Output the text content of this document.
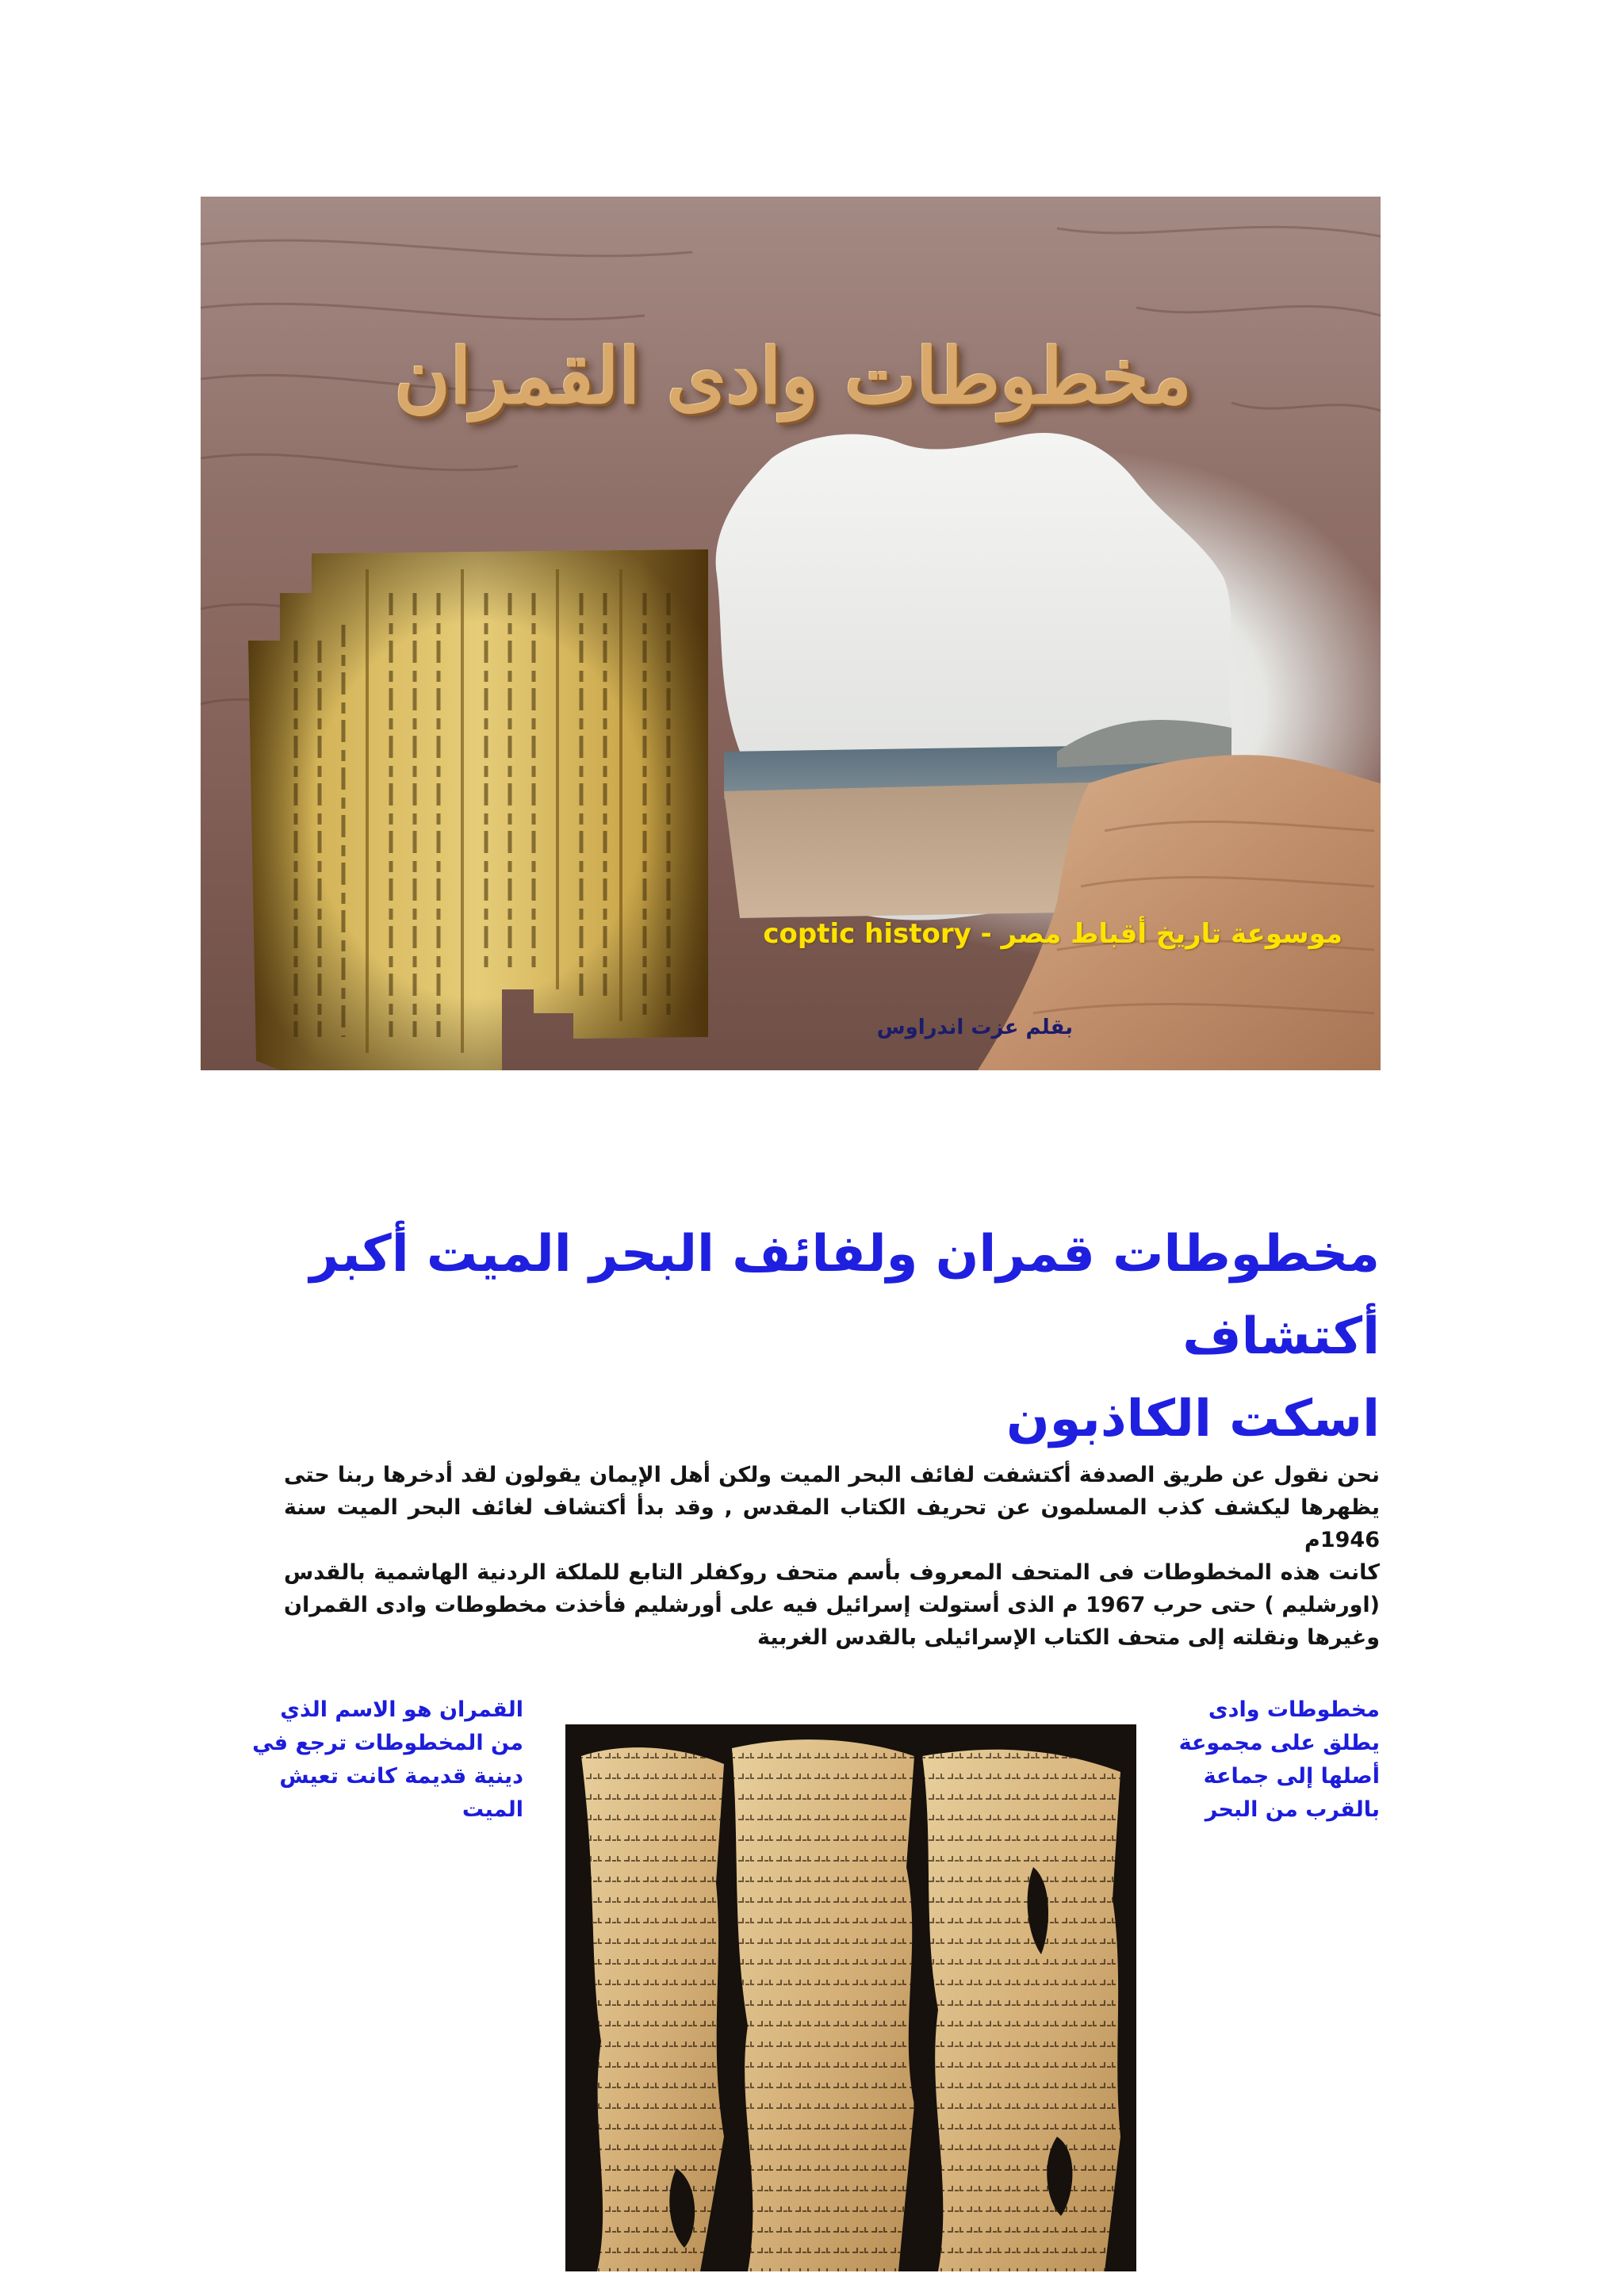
مخطوطات وادى القمران
موسوعة تاريخ أقباط مصر - coptic history
بقلم عزت اندراوس
مخطوطات قمران ولفائف البحر الميت أكبر أكتشاف
اسكت الكاذبون

نحن نقول عن طريق الصدفة أكتشفت لفائف البحر الميت ولكن أهل الإيمان يقولون لقد أدخرها ربنا حتى يظهرها ليكشف كذب المسلمون عن تحريف الكتاب المقدس , وقد بدأ أكتشاف لغائف البحر الميت سنة 1946م

كانت هذه المخطوطات فى المتحف المعروف بأسم متحف روكفلر التابع للملكة الردنية الهاشمية بالقدس (اورشليم ) حتى حرب 1967 م الذى أستولت إسرائيل فيه على أورشليم فأخذت مخطوطات وادى القمران وغيرها ونقلته إلى متحف الكتاب الإسرائيلى بالقدس الغربية

مخطوطات وادى
يطلق على مجموعة
أصلها إلى جماعة
بالقرب من البحر
القمران هو الاسم الذي
من المخطوطات ترجع في
دينية قديمة كانت تعيش
الميت
